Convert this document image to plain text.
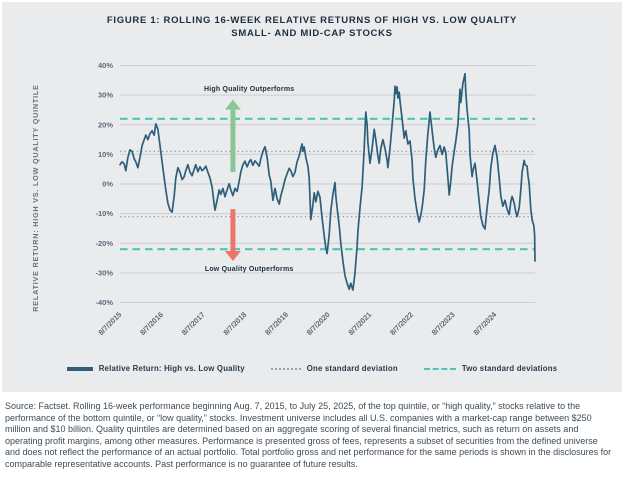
FIGURE 1: ROLLING 16-WEEK RELATIVE RETURNS OF HIGH VS. LOW QUALITY
SMALL- AND MID-CAP STOCKS
40%
30%
20%
10%
0%
-10%
-20%
-30%
-40%
8/7/2015 8/7/2016 8/7/2017 8/7/2018 8/7/2019 8/7/2020 8/7/2021 8/7/2022 8/7/2023 8/7/2024
High Quality Outperforms
Low Quality Outperforms
RELATIVE RETURN: HIGH VS. LOW QUALITY QUINTILE
Relative Return: High vs. Low Quality	One standard deviation	Two standard deviations
Source: Factset. Rolling 16-week performance beginning Aug. 7, 2015, to July 25, 2025, of the top quintile, or “high quality,” stocks relative to the performance of the bottom quintile, or “low quality,” stocks. Investment universe includes all U.S. companies with a market-cap range between $250 million and $10 billion. Quality quintiles are determined based on an aggregate scoring of several financial metrics, such as return on assets and operating profit margins, among other measures. Performance is presented gross of fees, represents a subset of securities from the defined universe and does not reflect the performance of an actual portfolio. Total portfolio gross and net performance for the same periods is shown in the disclosures for comparable representative accounts. Past performance is no guarantee of future results.
